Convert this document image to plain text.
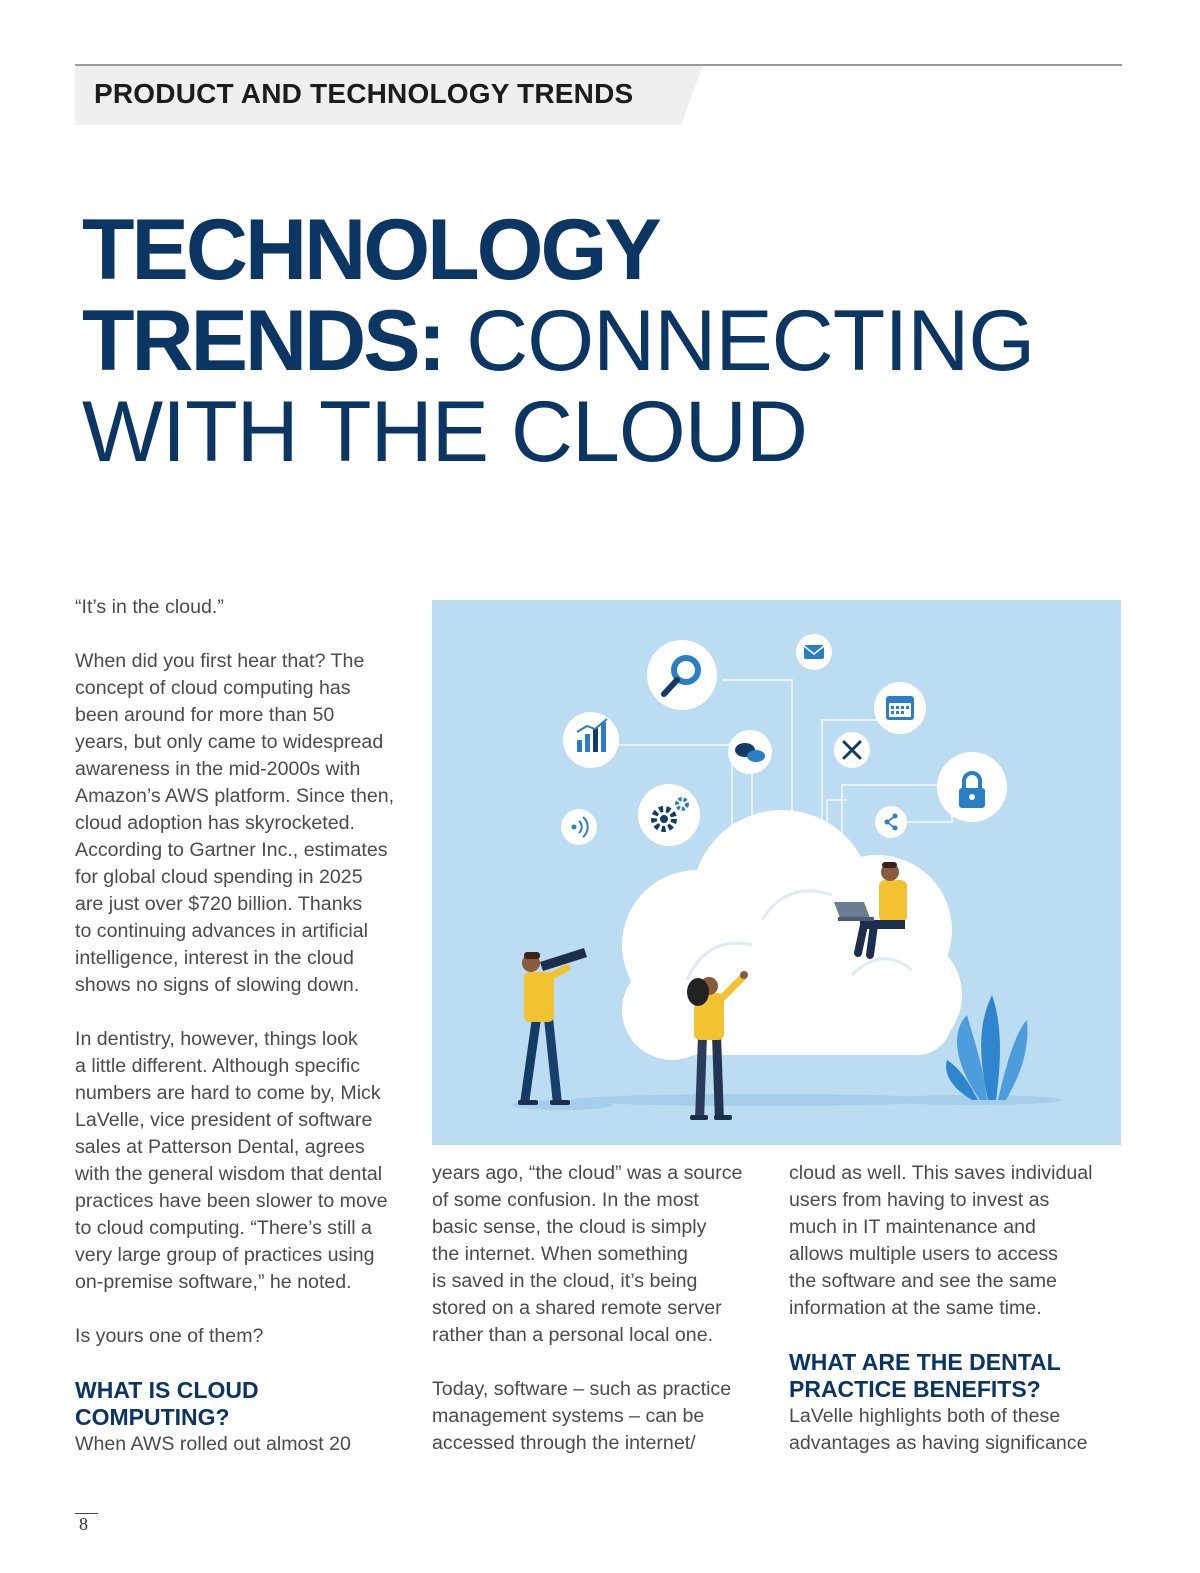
PRODUCT AND TECHNOLOGY TRENDS
TECHNOLOGY
TRENDS: CONNECTING
WITH THE CLOUD

“It’s in the cloud.”

When did you first hear that? The
concept of cloud computing has
been around for more than 50
years, but only came to widespread
awareness in the mid-2000s with
Amazon’s AWS platform. Since then,
cloud adoption has skyrocketed.
According to Gartner Inc., estimates
for global cloud spending in 2025
are just over $720 billion. Thanks
to continuing advances in artificial
intelligence, interest in the cloud
shows no signs of slowing down.

In dentistry, however, things look
a little different. Although specific
numbers are hard to come by, Mick
LaVelle, vice president of software
sales at Patterson Dental, agrees
with the general wisdom that dental
practices have been slower to move
to cloud computing. “There’s still a
very large group of practices using
on-premise software,” he noted.

Is yours one of them?

WHAT IS CLOUD
COMPUTING?

When AWS rolled out almost 20

years ago, “the cloud” was a source
of some confusion. In the most
basic sense, the cloud is simply
the internet. When something
is saved in the cloud, it’s being
stored on a shared remote server
rather than a personal local one.

Today, software – such as practice
management systems – can be
accessed through the internet/

cloud as well. This saves individual
users from having to invest as
much in IT maintenance and
allows multiple users to access
the software and see the same
information at the same time.

WHAT ARE THE DENTAL
PRACTICE BENEFITS?

LaVelle highlights both of these
advantages as having significance

8
